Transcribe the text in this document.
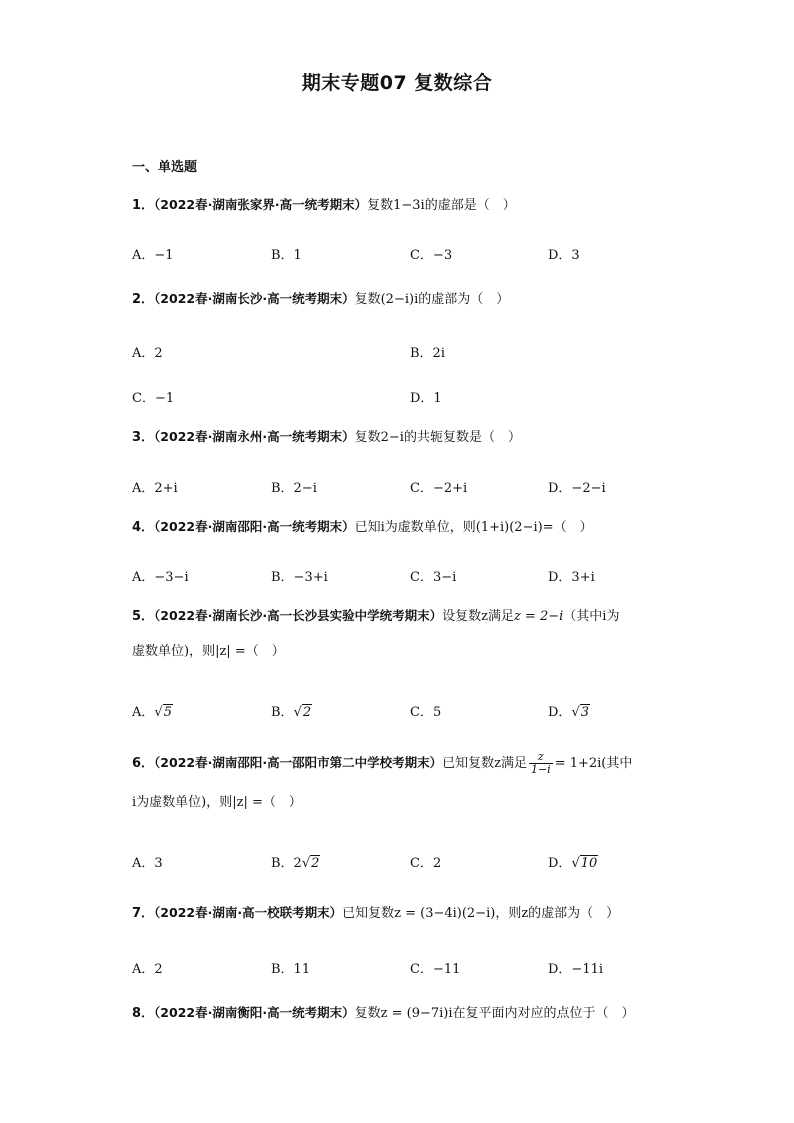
期末专题07 复数综合
一、单选题
1．（2022春·湖南张家界·高一统考期末）复数1−3i的虚部是（　）
A．−1	B．1	C．−3	D．3
2．（2022春·湖南长沙·高一统考期末）复数(2−i)i的虚部为（　）
A．2	B．2i
C．−1	D．1
3．（2022春·湖南永州·高一统考期末）复数2−i的共轭复数是（　）
A．2+i	B．2−i	C．−2+i	D．−2−i
4．（2022春·湖南邵阳·高一统考期末）已知i为虚数单位，则(1+i)(2−i)=（　）
A．−3−i	B．−3+i	C．3−i	D．3+i
5．（2022春·湖南长沙·高一长沙县实验中学统考期末）设复数z满足z = 2−i（其中i为
虚数单位)，则|z| =（　）
A．√5	B．√2	C．5	D．√3
6．（2022春·湖南邵阳·高一邵阳市第二中学校考期末）已知复数z满足 $\frac{z}{1-i} = 1+2i$(其中
i为虚数单位)，则|z| =（　）
A．3	B．2√2	C．2	D．√10
7．（2022春·湖南·高一校联考期末）已知复数z = (3−4i)(2−i)，则z的虚部为（　）
A．2	B．11	C．−11	D．−11i
8．（2022春·湖南衡阳·高一统考期末）复数z = (9−7i)i在复平面内对应的点位于（　）
